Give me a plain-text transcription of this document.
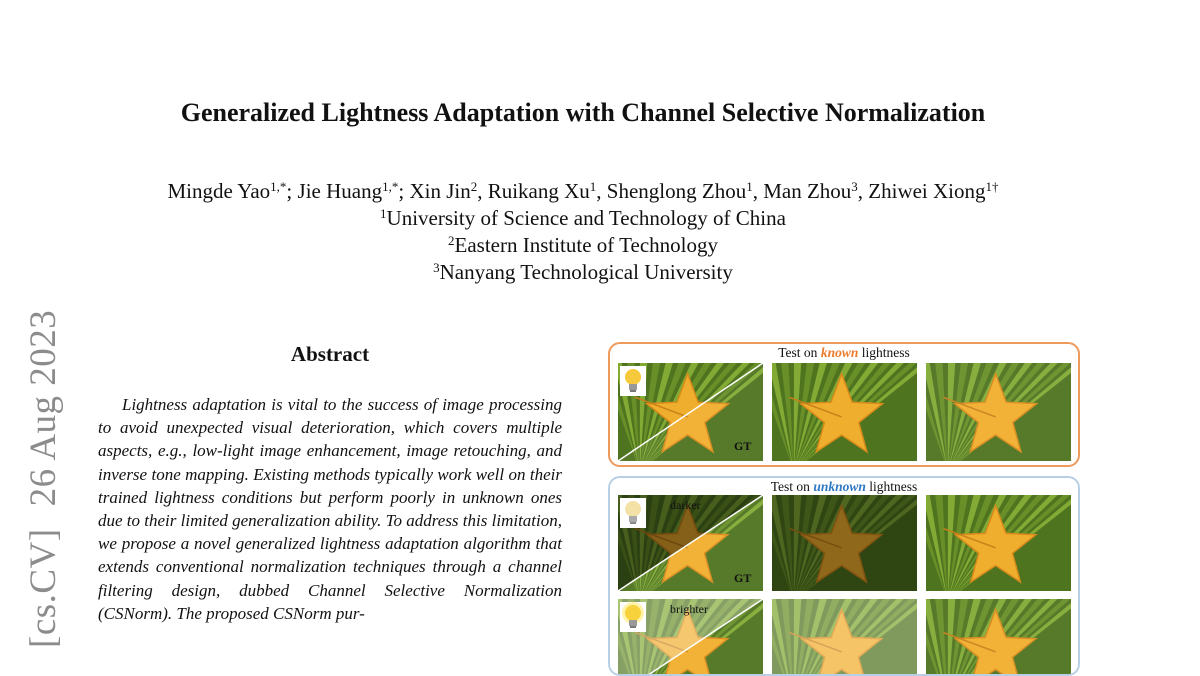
[cs.CV]26 Aug 2023
Generalized Lightness Adaptation with Channel Selective Normalization
Mingde Yao$^{1,*}$; Jie Huang$^{1,*}$; Xin Jin$^2$, Ruikang Xu$^1$, Shenglong Zhou$^1$, Man Zhou$^3$, Zhiwei Xiong$^{1\dagger}$
$^1$University of Science and Technology of China
$^2$Eastern Institute of Technology
$^3$Nanyang Technological University
Abstract

Lightness adaptation is vital to the success of image processing to avoid unexpected visual deterioration, which covers multiple aspects, e.g., low-light image enhancement, image retouching, and inverse tone mapping. Existing methods typically work well on their trained lightness conditions but perform poorly in unknown ones due to their limited generalization ability. To address this limitation, we propose a novel generalized lightness adaptation algorithm that extends conventional normalization techniques through a channel filtering design, dubbed Channel Selective Normalization (CSNorm). The proposed CSNorm pur-

Test on known lightness
GT
Test on unknown lightness
darker
GT
brighter
